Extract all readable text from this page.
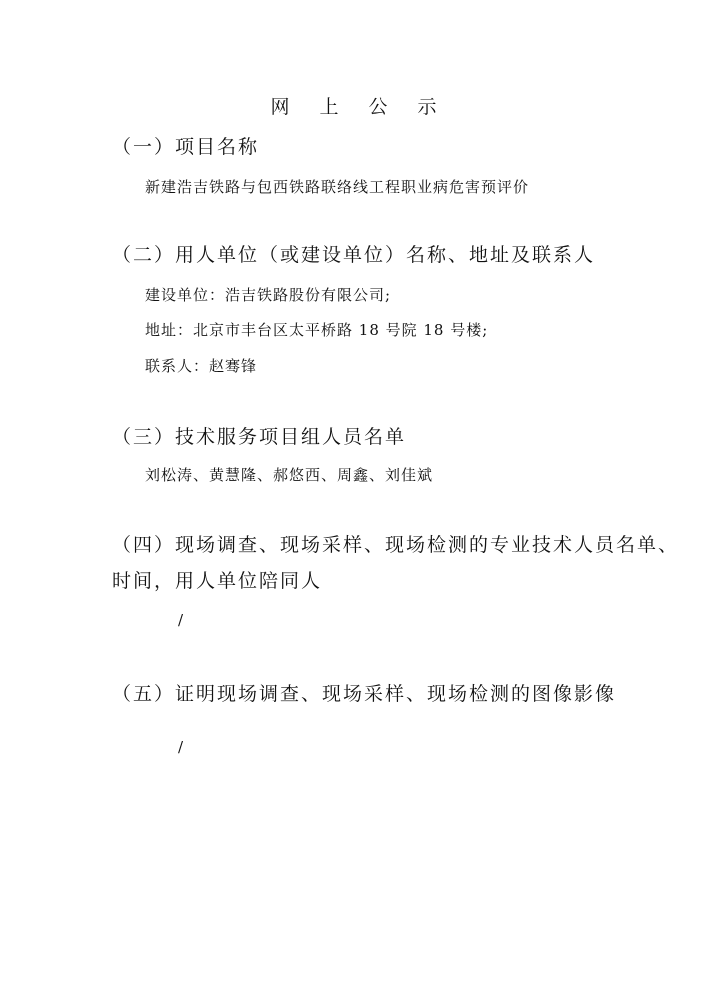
网 上 公 示
（一）项目名称
新建浩吉铁路与包西铁路联络线工程职业病危害预评价
（二）用人单位（或建设单位）名称、地址及联系人
建设单位：浩吉铁路股份有限公司;
地址：北京市丰台区太平桥路 18 号院 18 号楼;
联系人：赵骞锋
（三）技术服务项目组人员名单
刘松涛、黄慧隆、郝悠西、周鑫、刘佳斌
（四）现场调查、现场采样、现场检测的专业技术人员名单、
时间，用人单位陪同人
/
（五）证明现场调查、现场采样、现场检测的图像影像
/
